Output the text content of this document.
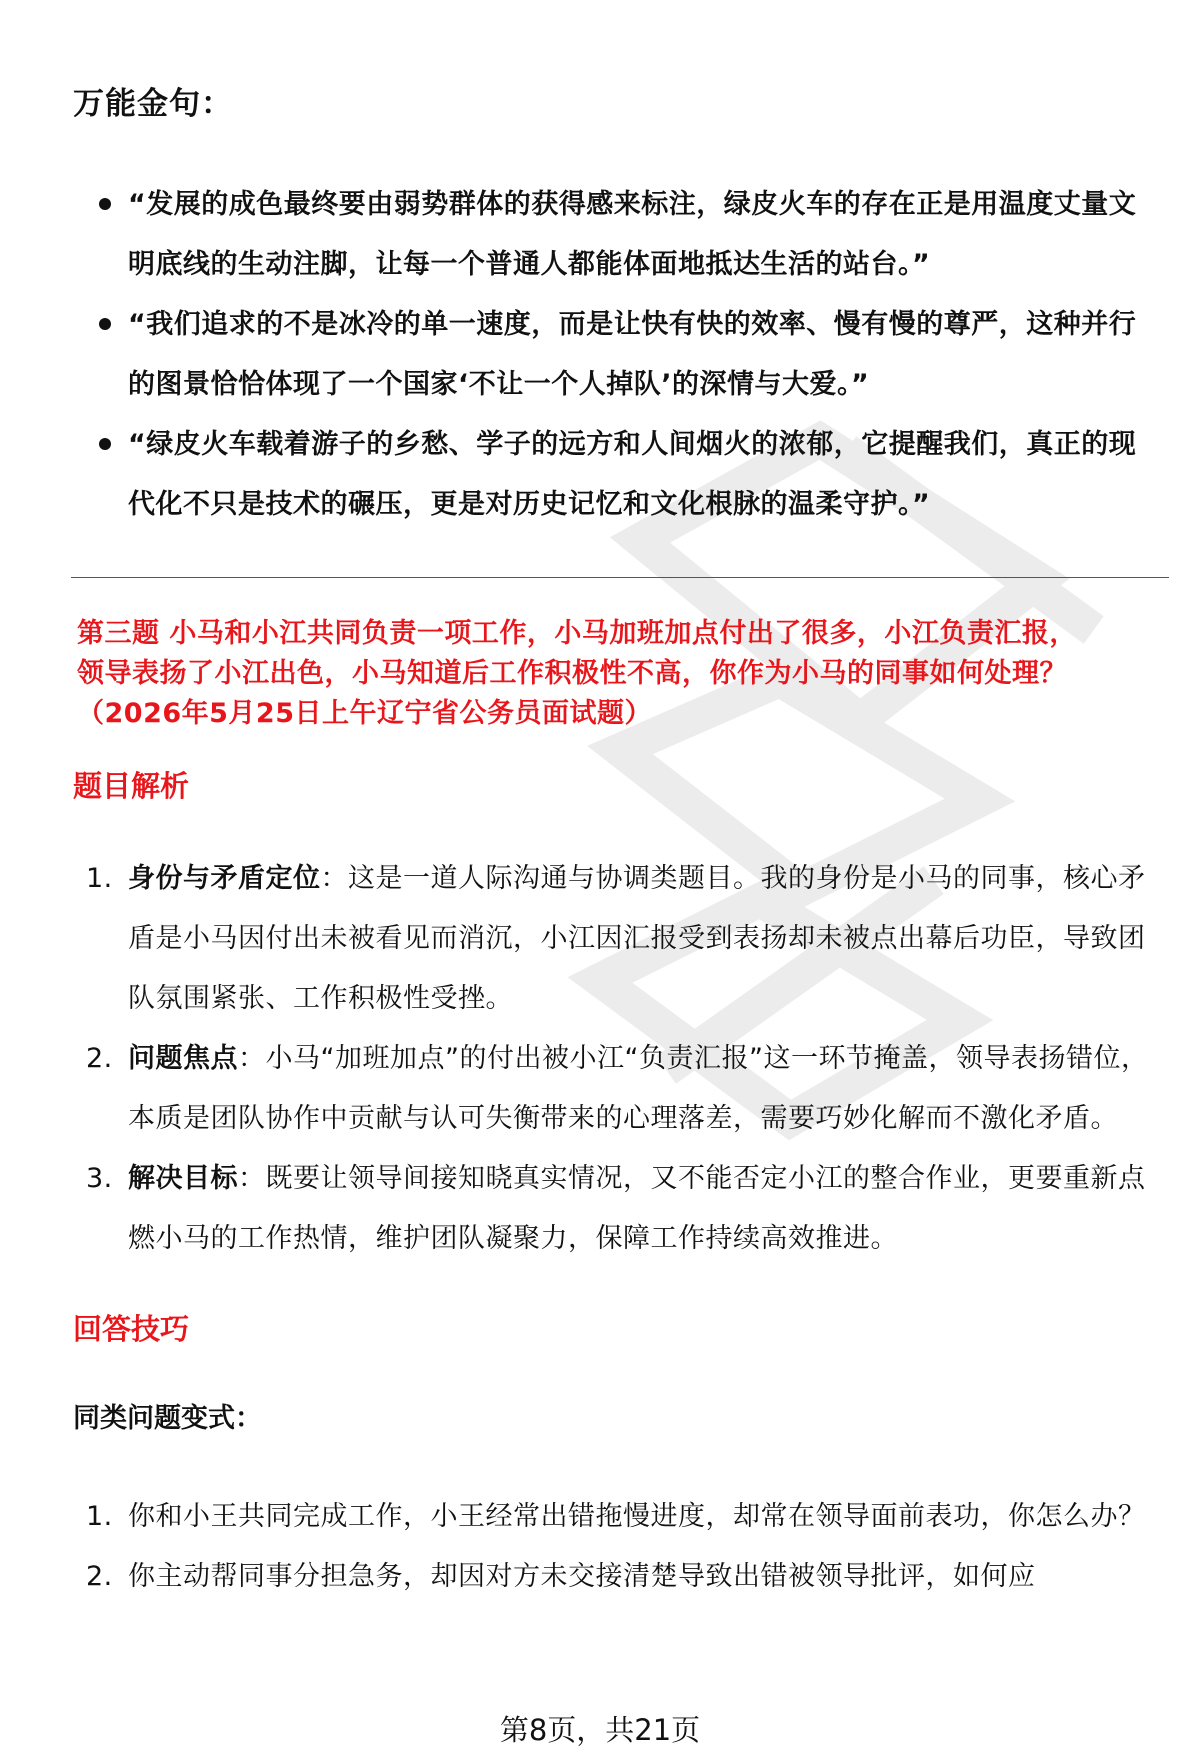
万能金句：
“发展的成色最终要由弱势群体的获得感来标注，绿皮火车的存在正是用温度丈量文明底线的生动注脚，让每一个普通人都能体面地抵达生活的站台。”
“我们追求的不是冰冷的单一速度，而是让快有快的效率、慢有慢的尊严，这种并行的图景恰恰体现了一个国家‘不让一个人掉队’的深情与大爱。”
“绿皮火车载着游子的乡愁、学子的远方和人间烟火的浓郁，它提醒我们，真正的现代化不只是技术的碾压，更是对历史记忆和文化根脉的温柔守护。”
第三题 小马和小江共同负责一项工作，小马加班加点付出了很多，小江负责汇报，
领导表扬了小江出色，小马知道后工作积极性不高，你作为小马的同事如何处理？
（2026年5月25日上午辽宁省公务员面试题）
题目解析
1. 身份与矛盾定位：这是一道人际沟通与协调类题目。我的身份是小马的同事，核心矛盾是小马因付出未被看见而消沉，小江因汇报受到表扬却未被点出幕后功臣，导致团队氛围紧张、工作积极性受挫。
2. 问题焦点：小马“加班加点”的付出被小江“负责汇报”这一环节掩盖，领导表扬错位，本质是团队协作中贡献与认可失衡带来的心理落差，需要巧妙化解而不激化矛盾。
3. 解决目标：既要让领导间接知晓真实情况，又不能否定小江的整合作业，更要重新点燃小马的工作热情，维护团队凝聚力，保障工作持续高效推进。
回答技巧
同类问题变式：
1. 你和小王共同完成工作，小王经常出错拖慢进度，却常在领导面前表功，你怎么办？
2. 你主动帮同事分担急务，却因对方未交接清楚导致出错被领导批评，如何应
第8页，共21页
